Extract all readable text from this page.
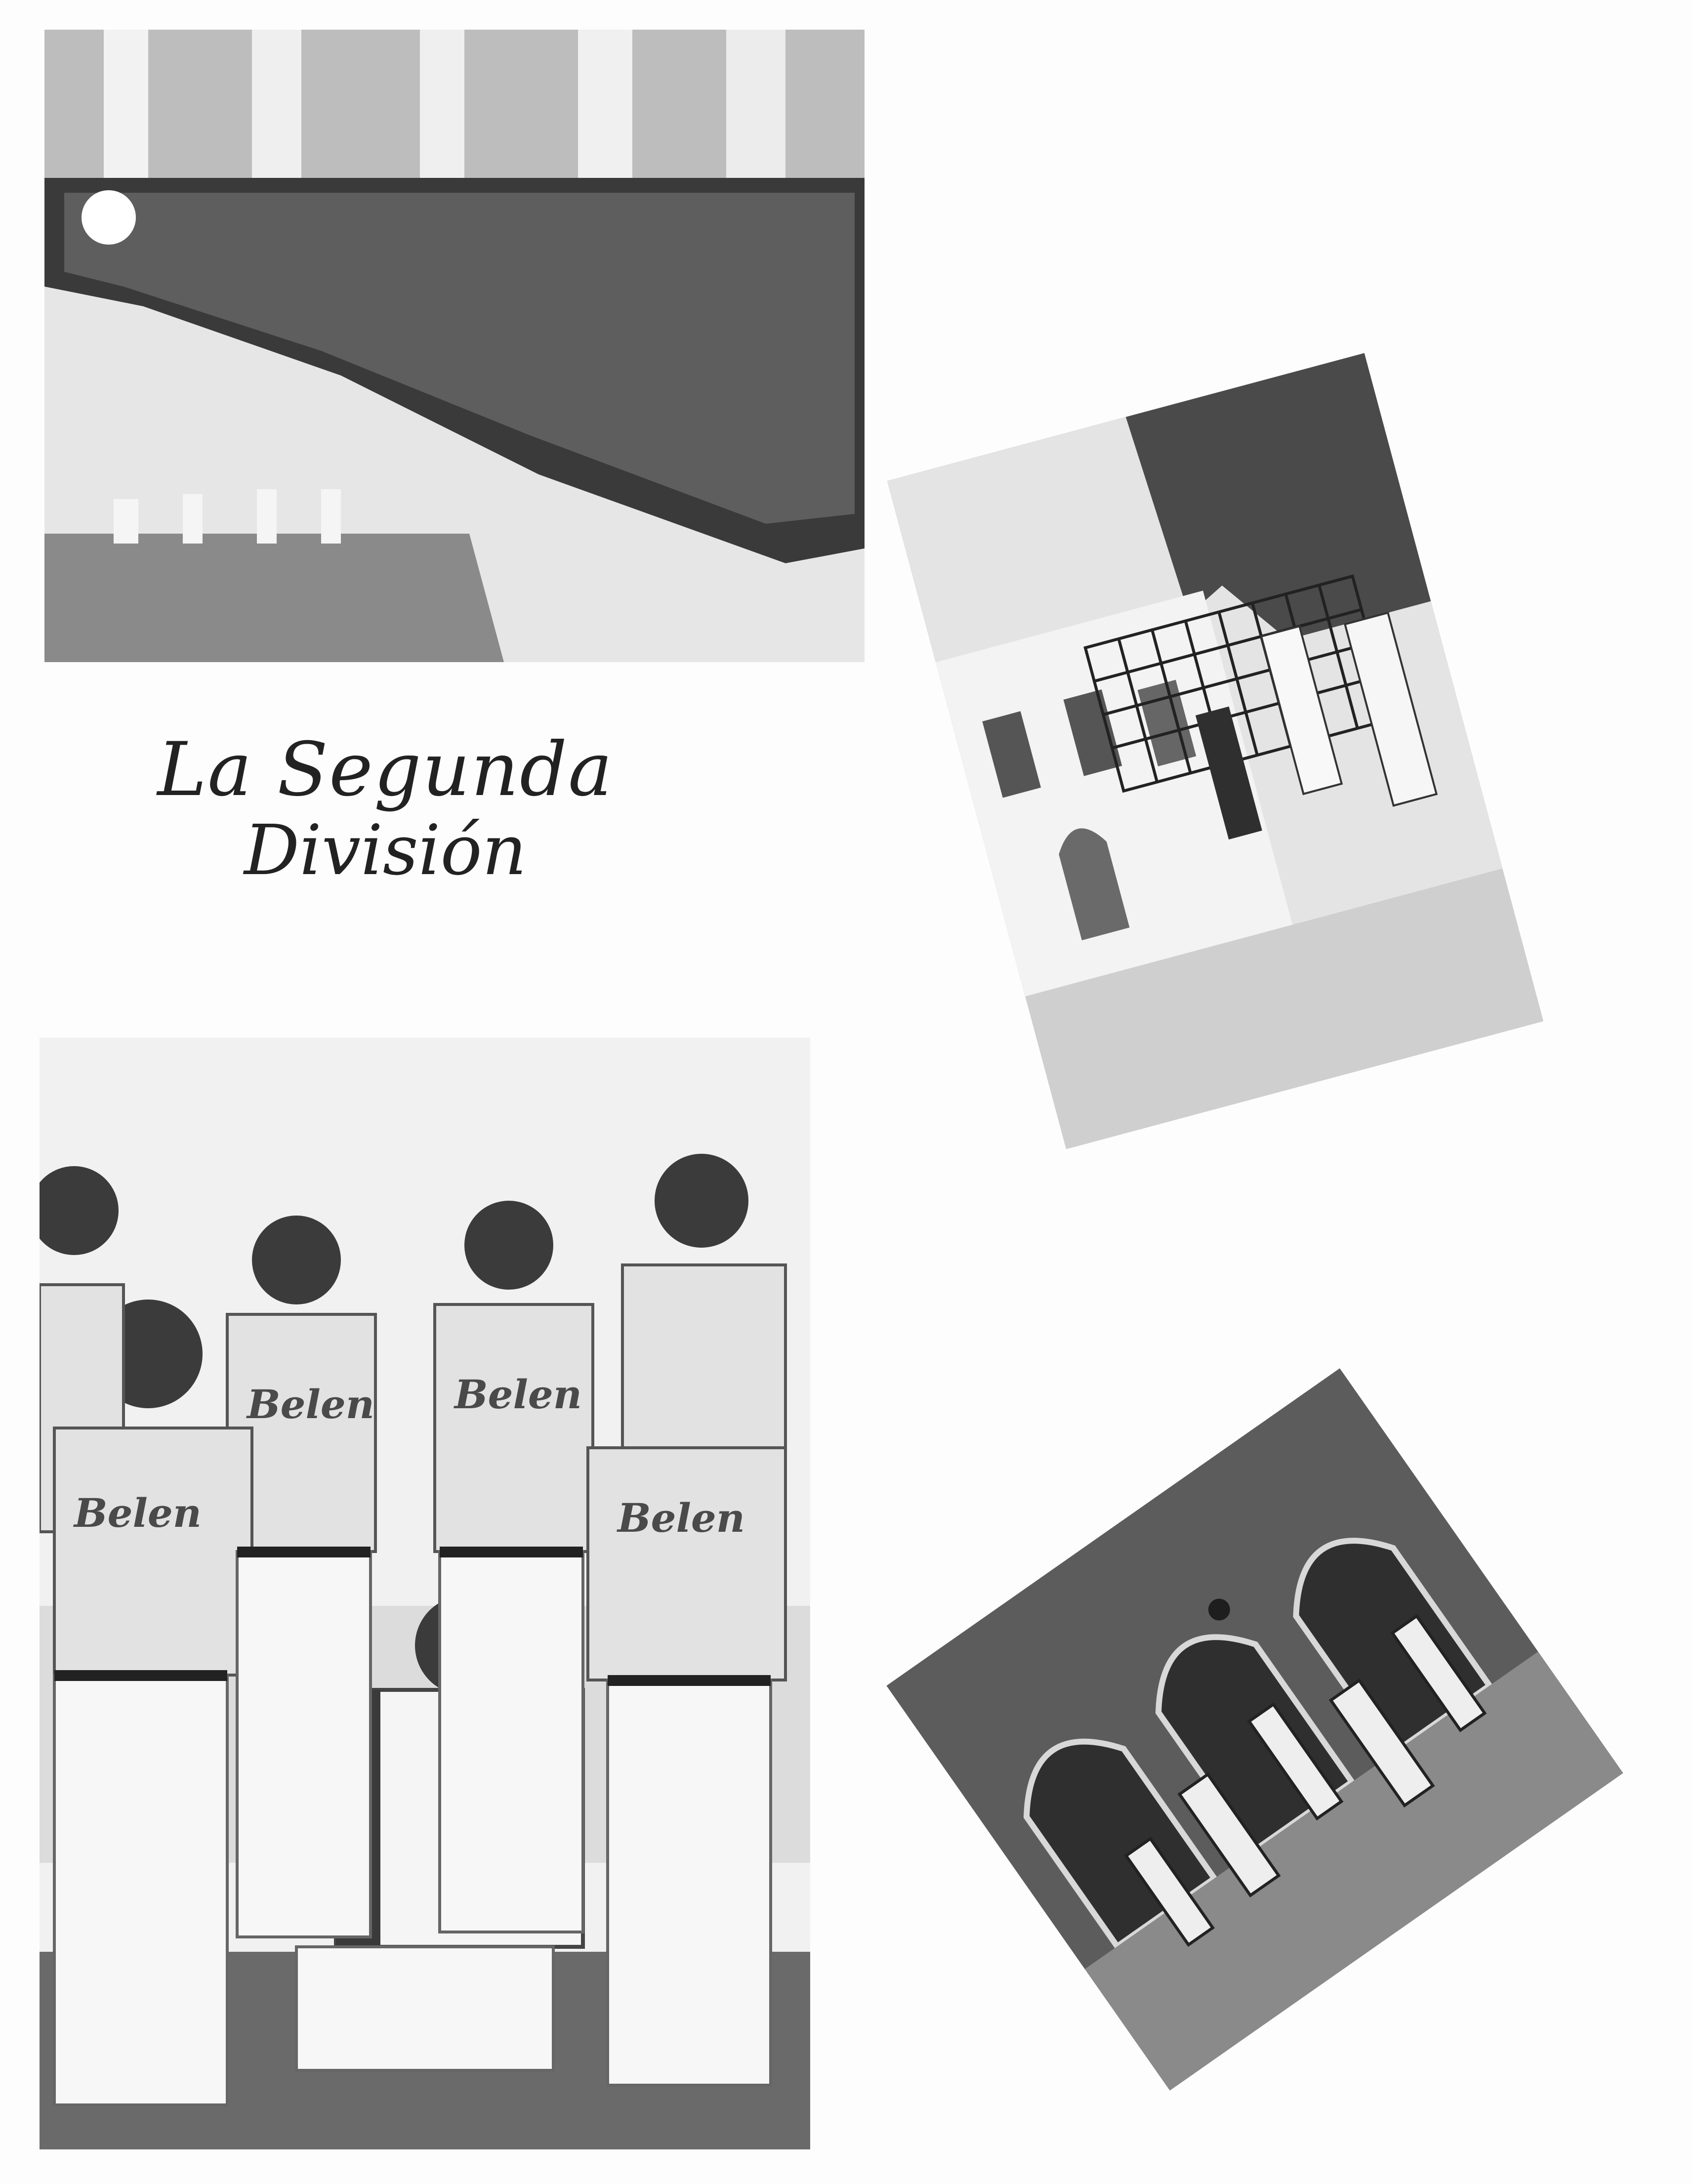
La Segunda
División
Belen
Belen Belen
Belen
